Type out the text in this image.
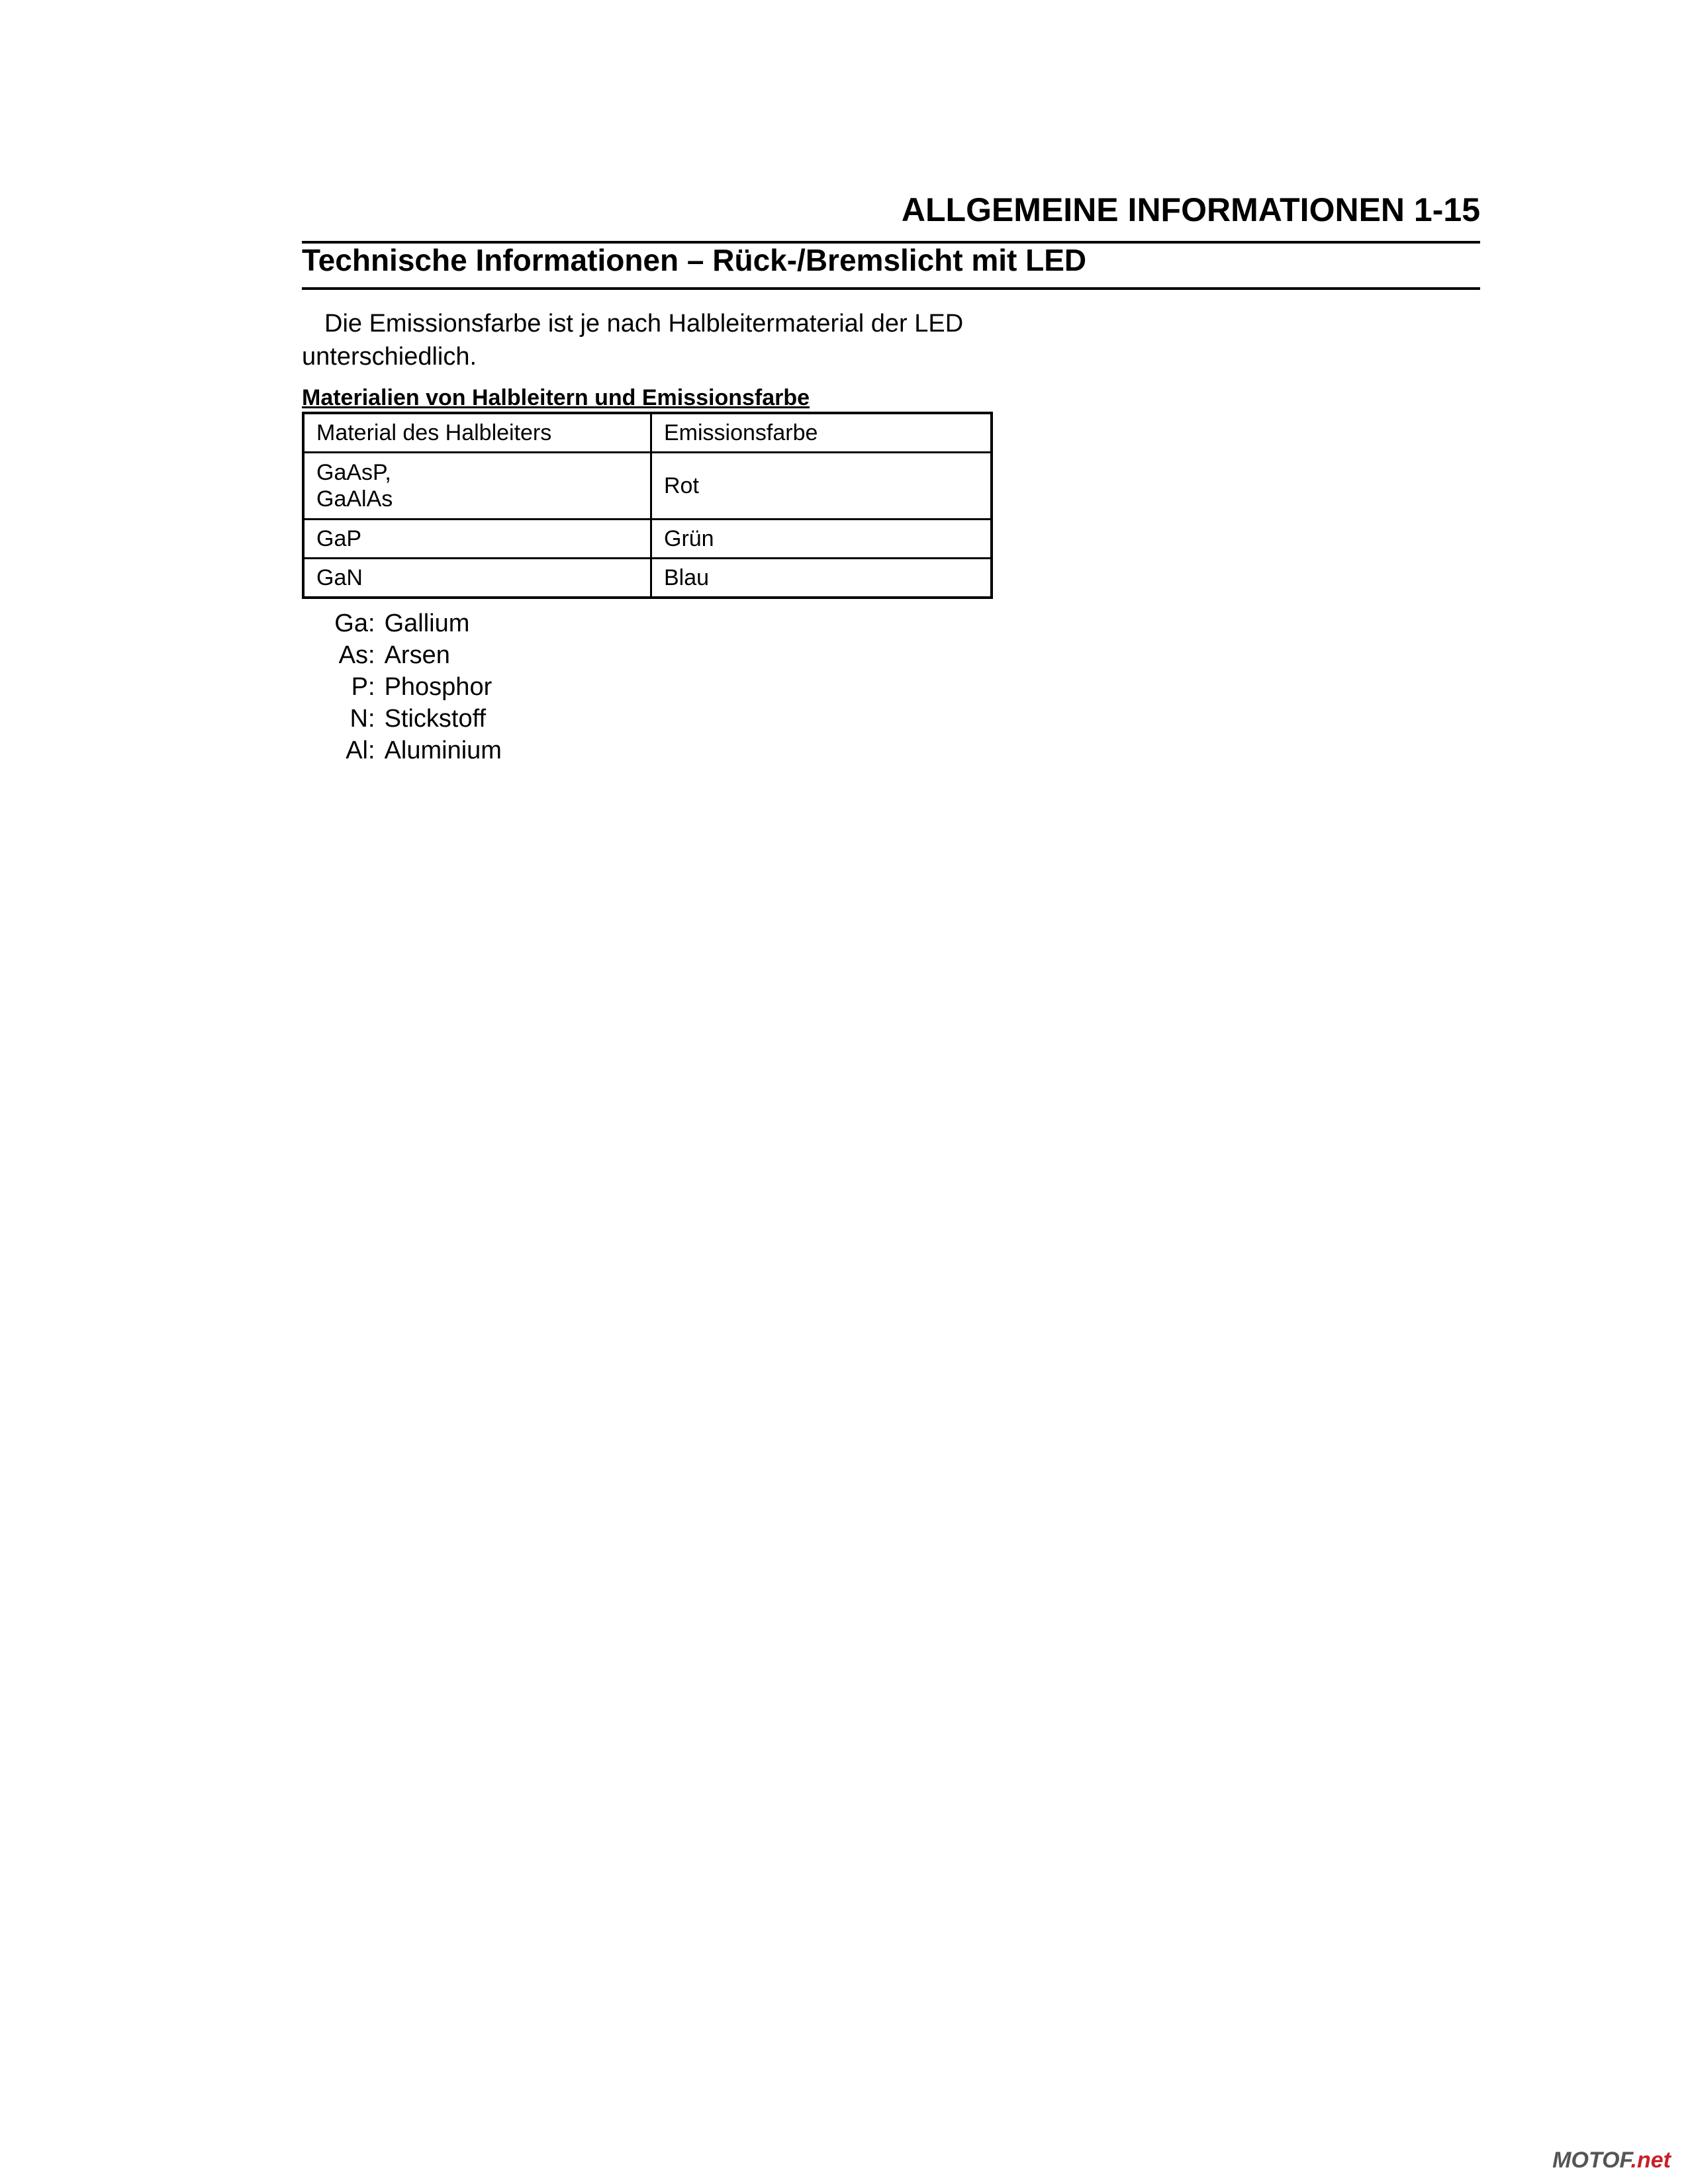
ALLGEMEINE INFORMATIONEN 1-15
Technische Informationen – Rück-/Bremslicht mit LED
Die Emissionsfarbe ist je nach Halbleitermaterial der LED
unterschiedlich.
Materialien von Halbleitern und Emissionsfarbe
Material des Halbleiters	Emissionsfarbe

GaAsP,
GaAlAs	Rot
GaP	Grün
GaN	Blau
Ga : Gallium
As : Arsen
P : Phosphor
N : Stickstoff
Al : Aluminium
MOTOF.net
